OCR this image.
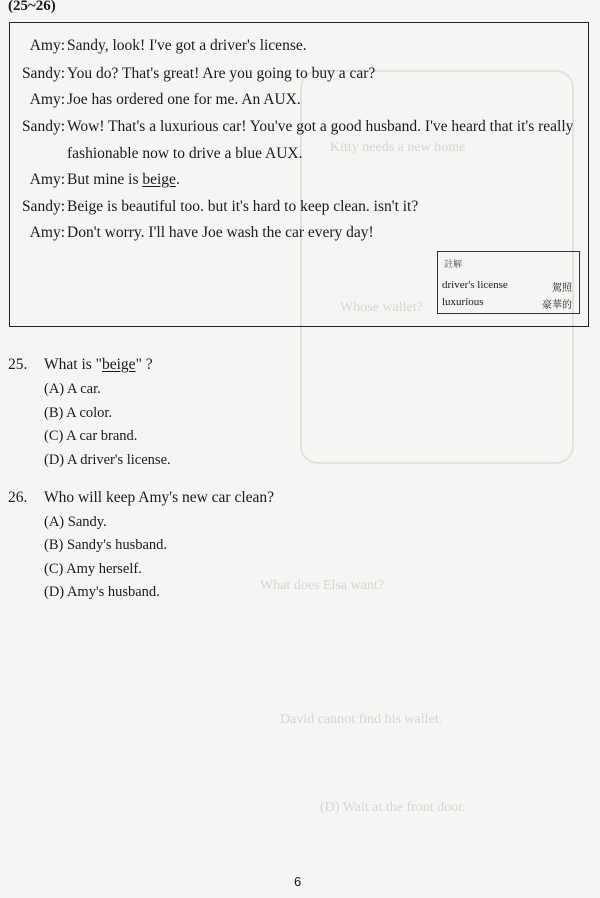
Kitty needs a new home
Whose wallet?
What does Elsa want?
David cannot find his wallet.
(D) Wait at the front door.
(25~26)
Amy: Sandy, look! I've got a driver's license.
Sandy: You do? That's great! Are you going to buy a car?
Amy: Joe has ordered one for me. An AUX.
Sandy: Wow! That's a luxurious car! You've got a good husband. I've heard that it's really
fashionable now to drive a blue AUX.
Amy: But mine is beige.
Sandy: Beige is beautiful too. but it's hard to keep clean. isn't it?
Amy: Don't worry. I'll have Joe wash the car every day!
註解
driver's license	駕照
luxurious	豪華的
25. What is "beige" ?
(A) A car.
(B) A color.
(C) A car brand.
(D) A driver's license.
26. Who will keep Amy's new car clean?
(A) Sandy.
(B) Sandy's husband.
(C) Amy herself.
(D) Amy's husband.
6
